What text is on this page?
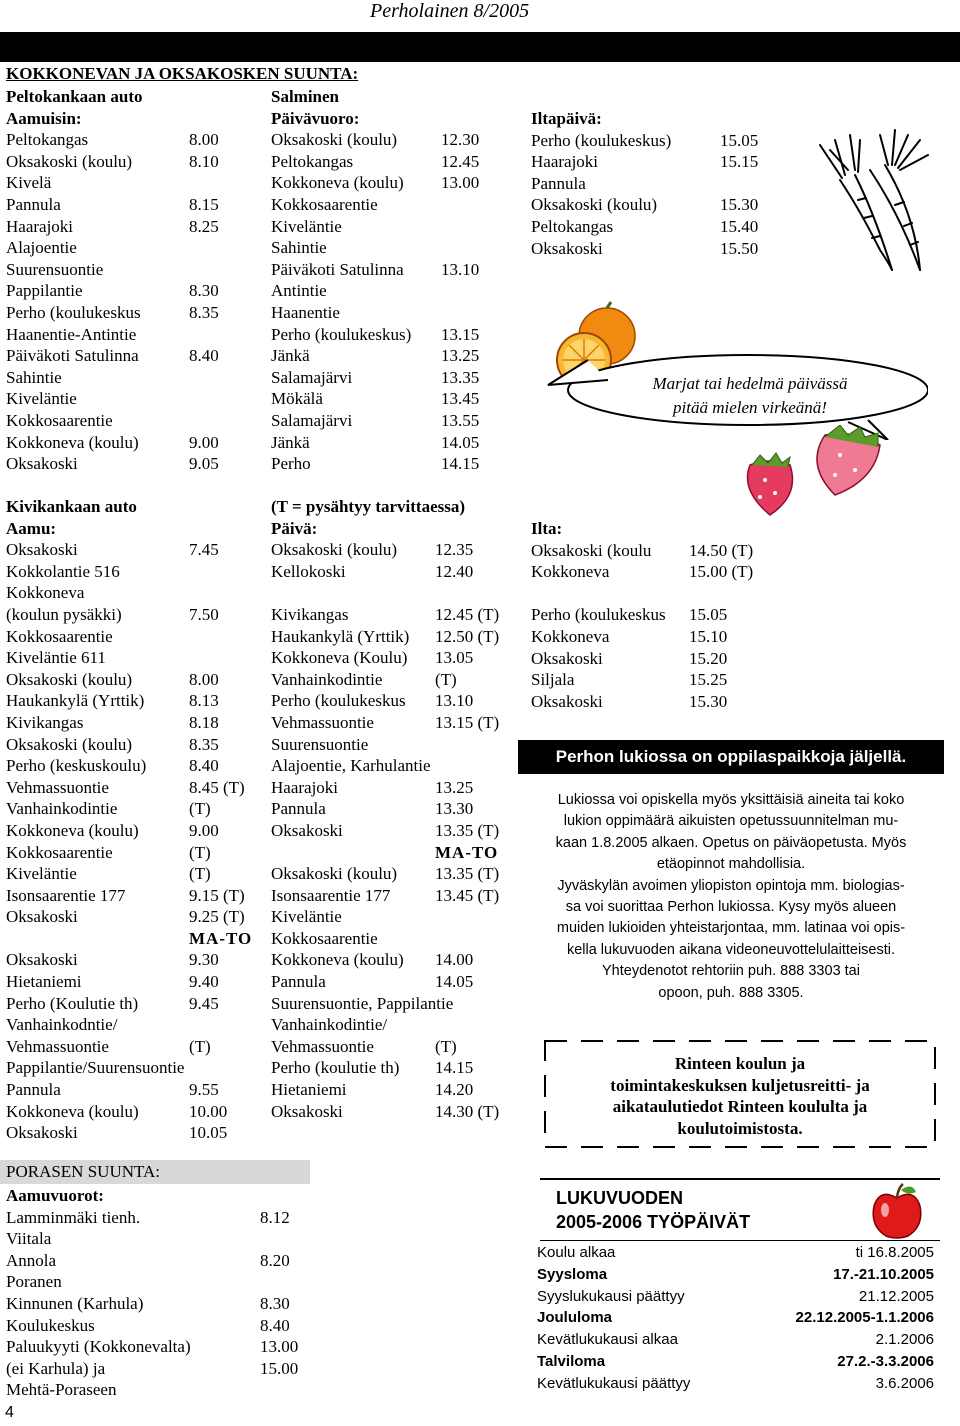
Perholainen 8/2005
KULJETUKSET, AIKATAULUT, REITIT JA OHJEET jatkuu
KOKKONEVAN JA OKSAKOSKEN SUUNTA:
Peltokankaan auto
Aamuisin:
Peltokangas	8.00
Oksakoski (koulu)	8.10
Kivelä
Pannula	8.15
Haarajoki	8.25
Alajoentie
Suurensuontie
Pappilantie	8.30
Perho (koulukeskus	8.35
Haanentie-Antintie
Päiväkoti Satulinna	8.40
Sahintie
Kiveläntie
Kokkosaarentie
Kokkoneva (koulu)	9.00
Oksakoski	9.05
Salminen
Päivävuoro:
Oksakoski (koulu)	12.30
Peltokangas	12.45
Kokkoneva (koulu) 13.00
Kokkosaarentie
Kiveläntie
Sahintie
Päiväkoti Satulinna 13.10
Antintie
Haanentie
Perho (koulukeskus) 13.15
Jänkä	13.25
Salamajärvi	13.35
Mökälä	13.45
Salamajärvi	13.55
Jänkä	14.05
Perho	14.15
Iltapäivä:
Perho (koulukeskus)	15.05
Haarajoki	15.15
Pannula
Oksakoski (koulu)	15.30
Peltokangas	15.40
Oksakoski	15.50
Kivikankaan auto
Aamu:
Oksakoski	7.45
Kokkolantie 516
Kokkoneva
(koulun pysäkki)	7.50
Kokkosaarentie
Kiveläntie 611
Oksakoski (koulu)	8.00
Haukankylä (Yrttik)	8.13
Kivikangas	8.18
Oksakoski (koulu)	8.35
Perho (keskuskoulu)	8.40
Vehmassuontie	8.45 (T)
Vanhainkodintie	(T)
Kokkoneva (koulu)	9.00
Kokkosaarentie	(T)
Kiveläntie	(T)
Isonsaarentie 177	9.15 (T)
Oksakoski	9.25 (T)
MA-TO
Oksakoski	9.30
Hietaniemi	9.40
Perho (Koulutie th)	9.45
Vanhainkodntie/
Vehmassuontie	(T)
Pappilantie/Suurensuontie
Pannula	9.55
Kokkoneva (koulu)	10.00
Oksakoski	10.05
(T = pysähtyy tarvittaessa)
Päivä:
Oksakoski (koulu) 12.35
Kellokoski	12.40
Kivikangas	12.45 (T)
Haukankylä (Yrttik) 12.50 (T)
Kokkoneva (Koulu) 13.05
Vanhainkodintie	(T)
Perho (koulukeskus 13.10
Vehmassuontie	13.15 (T)
Suurensuontie
Alajoentie, Karhulantie
Haarajoki	13.25
Pannula	13.30
Oksakoski	13.35 (T)
MA-TO
Oksakoski (koulu) 13.35 (T)
Isonsaarentie 177	13.45 (T)
Kiveläntie
Kokkosaarentie
Kokkoneva (koulu) 14.00
Pannula	14.05
Suurensuontie, Pappilantie
Vanhainkodintie/
Vehmassuontie	(T)
Perho (koulutie th) 14.15
Hietaniemi	14.20
Oksakoski	14.30 (T)
Ilta:
Oksakoski (koulu 14.50 (T)
Kokkoneva	15.00 (T)
Perho (koulukeskus 15.05
Kokkoneva	15.10
Oksakoski	15.20
Siljala	15.25
Oksakoski	15.30
PORASEN SUUNTA:
Aamuvuorot:
Lamminmäki tienh.	8.12
Viitala
Annola	8.20
Poranen
Kinnunen (Karhula)	8.30
Koulukeskus	8.40
Paluukyyti (Kokkonevalta)	13.00
(ei Karhula) ja	15.00
Mehtä-Poraseen
Marjat tai hedelmä päivässä
pitää mielen virkeänä!
Perhon lukiossa on oppilaspaikkoja jäljellä.
Lukiossa voi opiskella myös yksittäisiä aineita tai koko
lukion oppimäärä aikuisten opetussuunnitelman mu-
kaan 1.8.2005 alkaen. Opetus on päiväopetusta. Myös
etäopinnot mahdollisia.
Jyväskylän avoimen yliopiston opintoja mm. biologias-
sa voi suorittaa Perhon lukiossa. Kysy myös alueen
muiden lukioiden yhteistarjontaa, mm. latinaa voi opis-
kella lukuvuoden aikana videoneuvottelulaitteisesti.
Yhteydenotot rehtoriin puh. 888 3303 tai
opoon, puh. 888 3305.
Rinteen koulun ja
toimintakeskuksen kuljetusreitti- ja
aikataulutiedot Rinteen koululta ja
koulutoimistosta.
LUKUVUODEN
2005-2006 TYÖPÄIVÄT
Koulu alkaa	ti 16.8.2005
Syysloma	17.-21.10.2005
Syyslukukausi päättyy	21.12.2005
Joululoma	22.12.2005-1.1.2006
Kevätlukukausi alkaa	2.1.2006
Talviloma	27.2.-3.3.2006
Kevätlukukausi päättyy	3.6.2006
4
